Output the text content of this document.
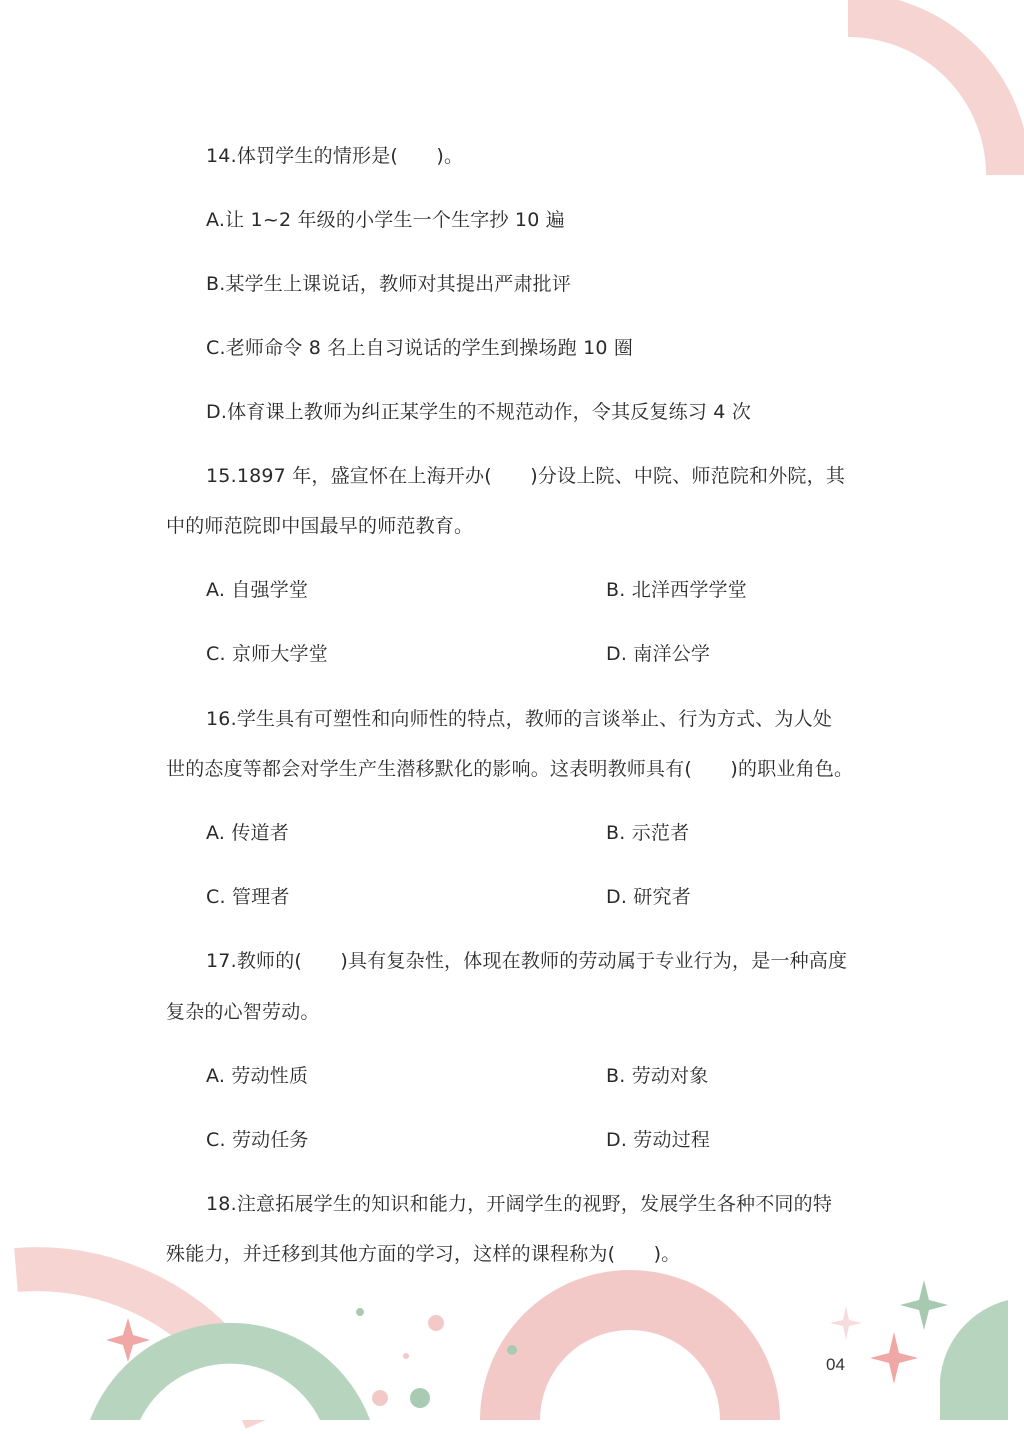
14.体罚学生的情形是(　　)。
A.让 1~2 年级的小学生一个生字抄 10 遍
B.某学生上课说话，教师对其提出严肃批评
C.老师命令 8 名上自习说话的学生到操场跑 10 圈
D.体育课上教师为纠正某学生的不规范动作，令其反复练习 4 次
15.1897 年，盛宣怀在上海开办(　　)分设上院、中院、师范院和外院，其
中的师范院即中国最早的师范教育。
A. 自强学堂	B. 北洋西学学堂
C. 京师大学堂	D. 南洋公学
16.学生具有可塑性和向师性的特点，教师的言谈举止、行为方式、为人处
世的态度等都会对学生产生潜移默化的影响。这表明教师具有(　　)的职业角色。
A. 传道者	B. 示范者
C. 管理者	D. 研究者
17.教师的(　　)具有复杂性，体现在教师的劳动属于专业行为，是一种高度
复杂的心智劳动。
A. 劳动性质	B. 劳动对象
C. 劳动任务	D. 劳动过程
18.注意拓展学生的知识和能力，开阔学生的视野，发展学生各种不同的特
殊能力，并迁移到其他方面的学习，这样的课程称为(　　)。
04
